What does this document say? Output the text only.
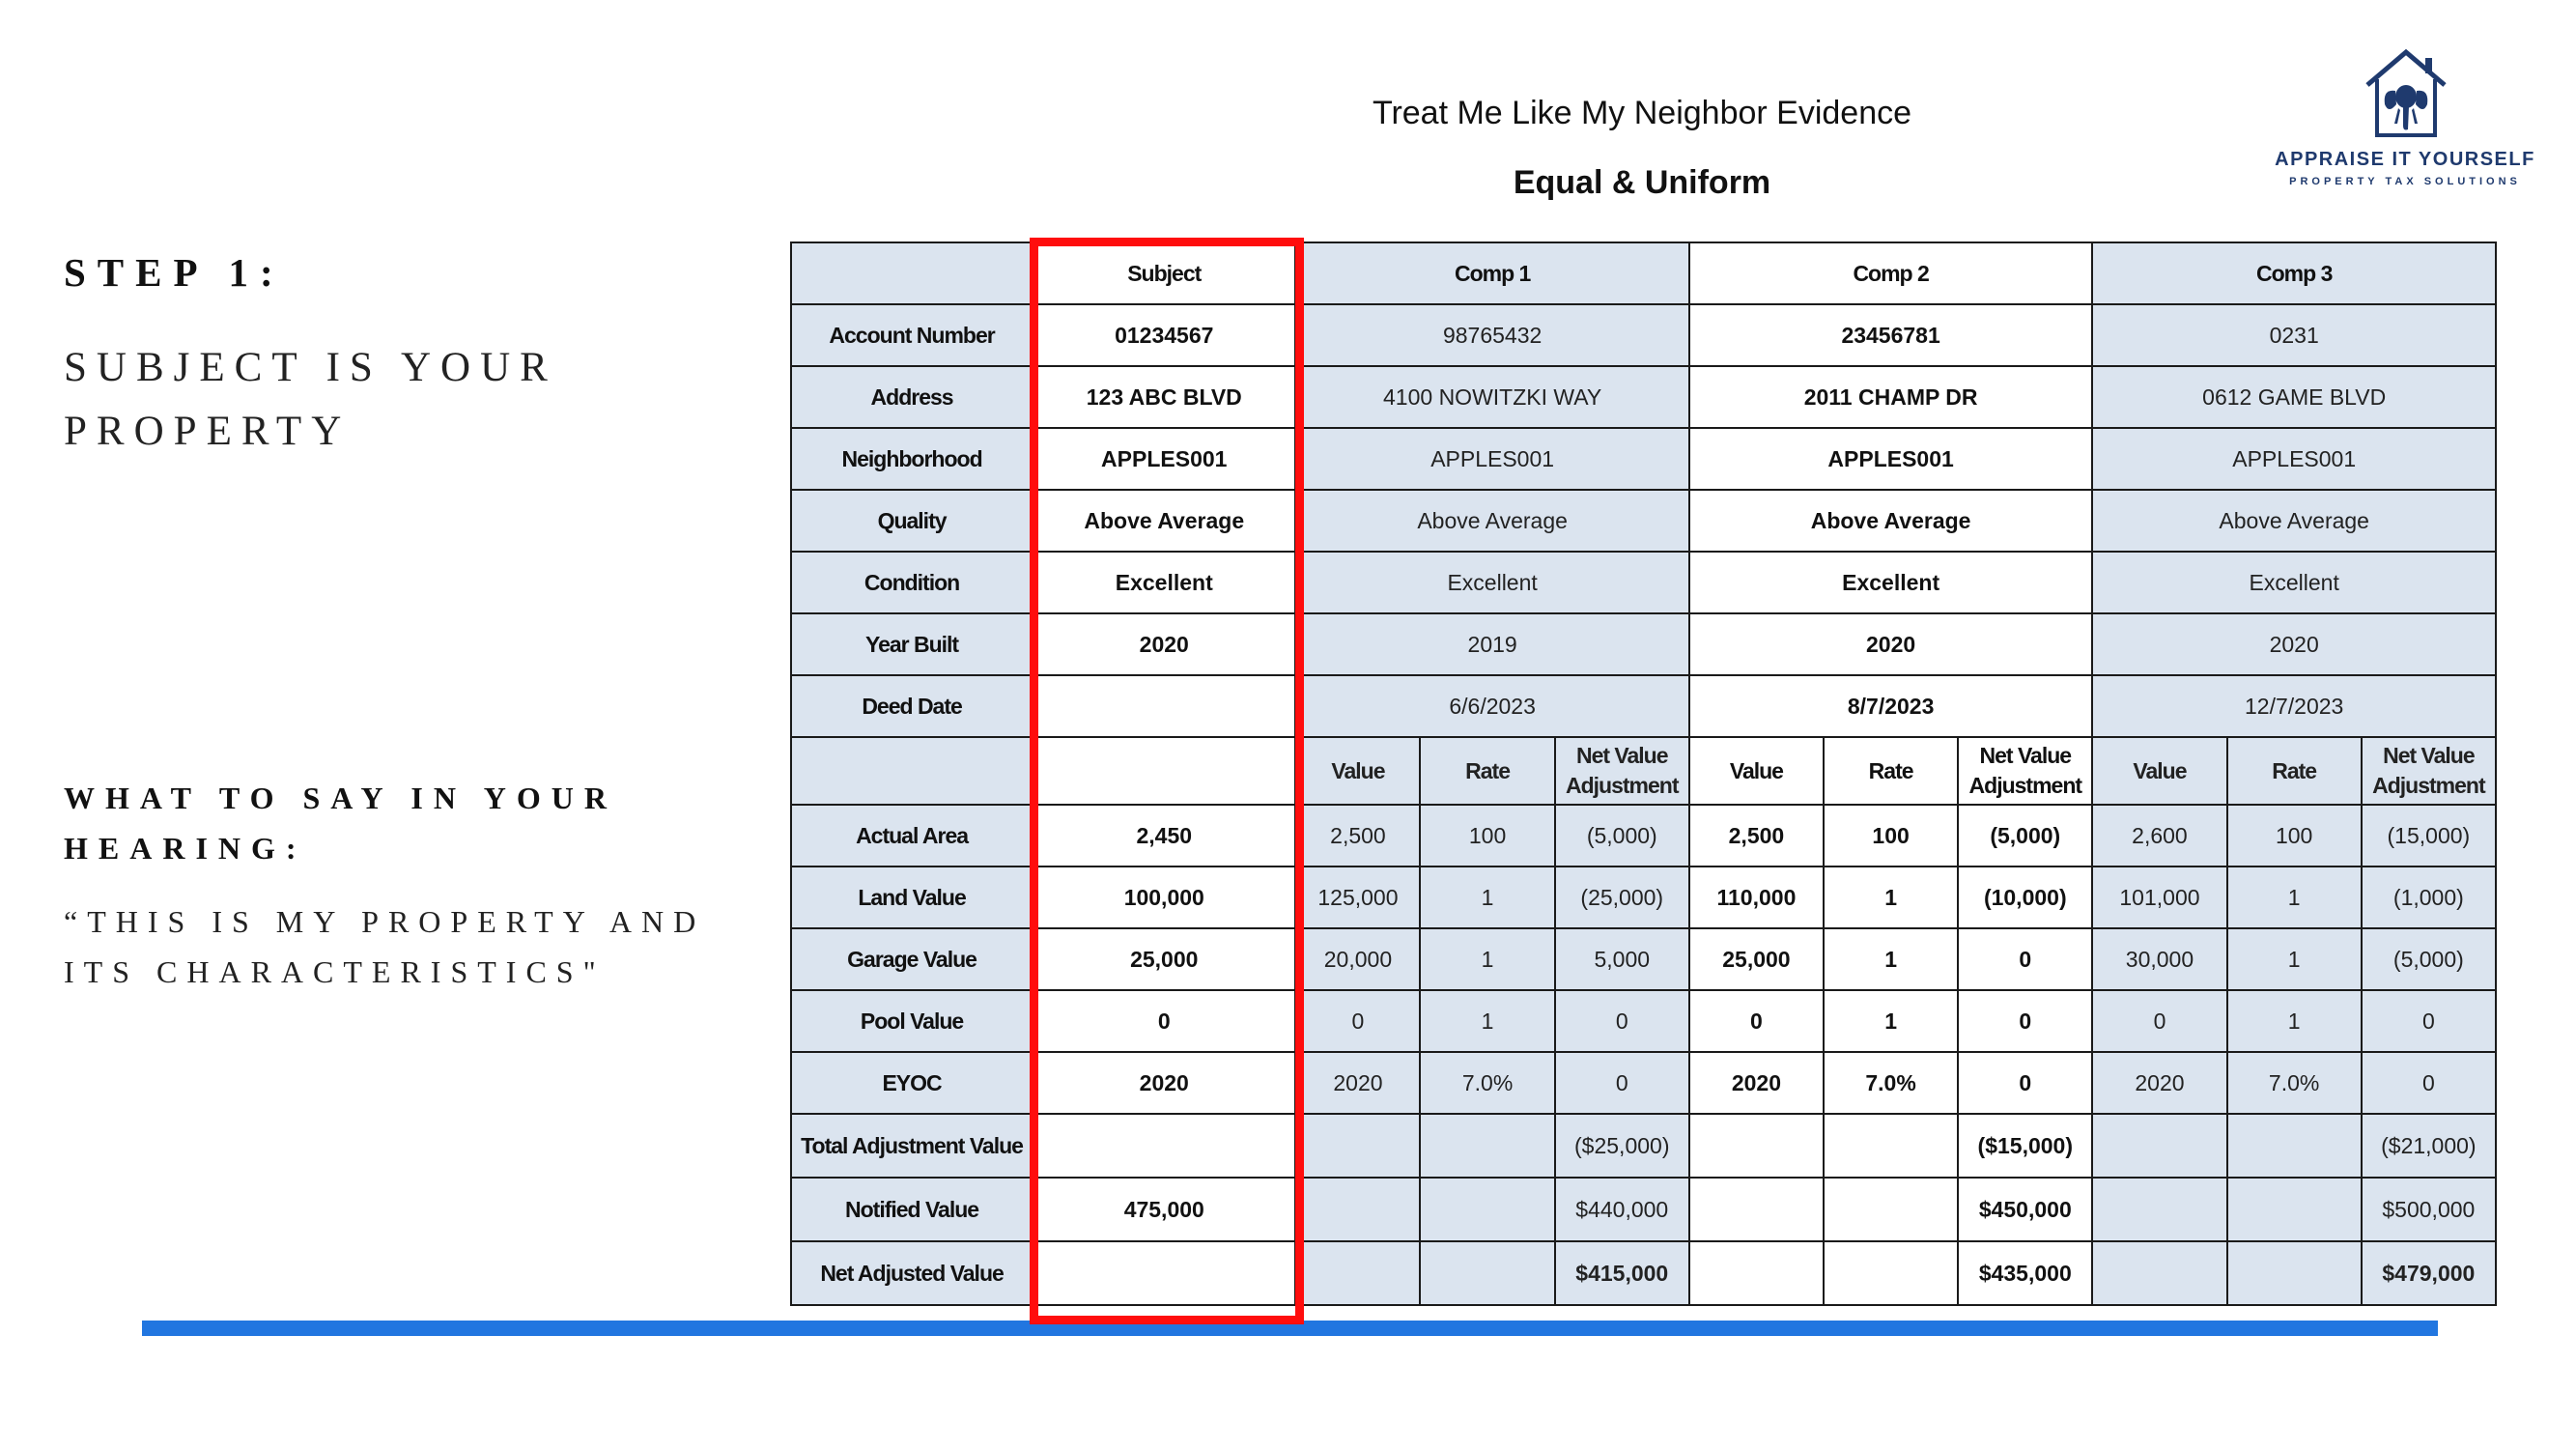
STEP 1:
SUBJECT IS YOUR PROPERTY
WHAT TO SAY IN YOUR HEARING:
“THIS IS MY PROPERTY AND ITS CHARACTERISTICS"
Treat Me Like My Neighbor Evidence
Equal & Uniform
APPRAISE IT YOURSELF
PROPERTY TAX SOLUTIONS
	Subject	Comp 1			Comp 2			Comp 3		
Account Number	01234567	98765432			23456781			0231		
Address	123 ABC BLVD	4100 NOWITZKI WAY			2011 CHAMP DR			0612 GAME BLVD		
Neighborhood	APPLES001	APPLES001			APPLES001			APPLES001		
Quality	Above Average	Above Average			Above Average			Above Average		
Condition	Excellent	Excellent			Excellent			Excellent		
Year Built	2020	2019			2020			2020		
Deed Date		6/6/2023			8/7/2023			12/7/2023		
		Value	Rate	Net Value Adjustment	Value	Rate	Net Value Adjustment	Value	Rate	Net Value Adjustment
Actual Area	2,450	2,500	100	(5,000)	2,500	100	(5,000)	2,600	100	(15,000)
Land Value	100,000	125,000	1	(25,000)	110,000	1	(10,000)	101,000	1	(1,000)
Garage Value	25,000	20,000	1	5,000	25,000	1	0	30,000	1	(5,000)
Pool Value	0	0	1	0	0	1	0	0	1	0
EYOC	2020	2020	7.0%	0	2020	7.0%	0	2020	7.0%	0
Total Adjustment Value				($25,000)			($15,000)			($21,000)
Notified Value	475,000			$440,000			$450,000			$500,000
Net Adjusted Value				$415,000			$435,000			$479,000
